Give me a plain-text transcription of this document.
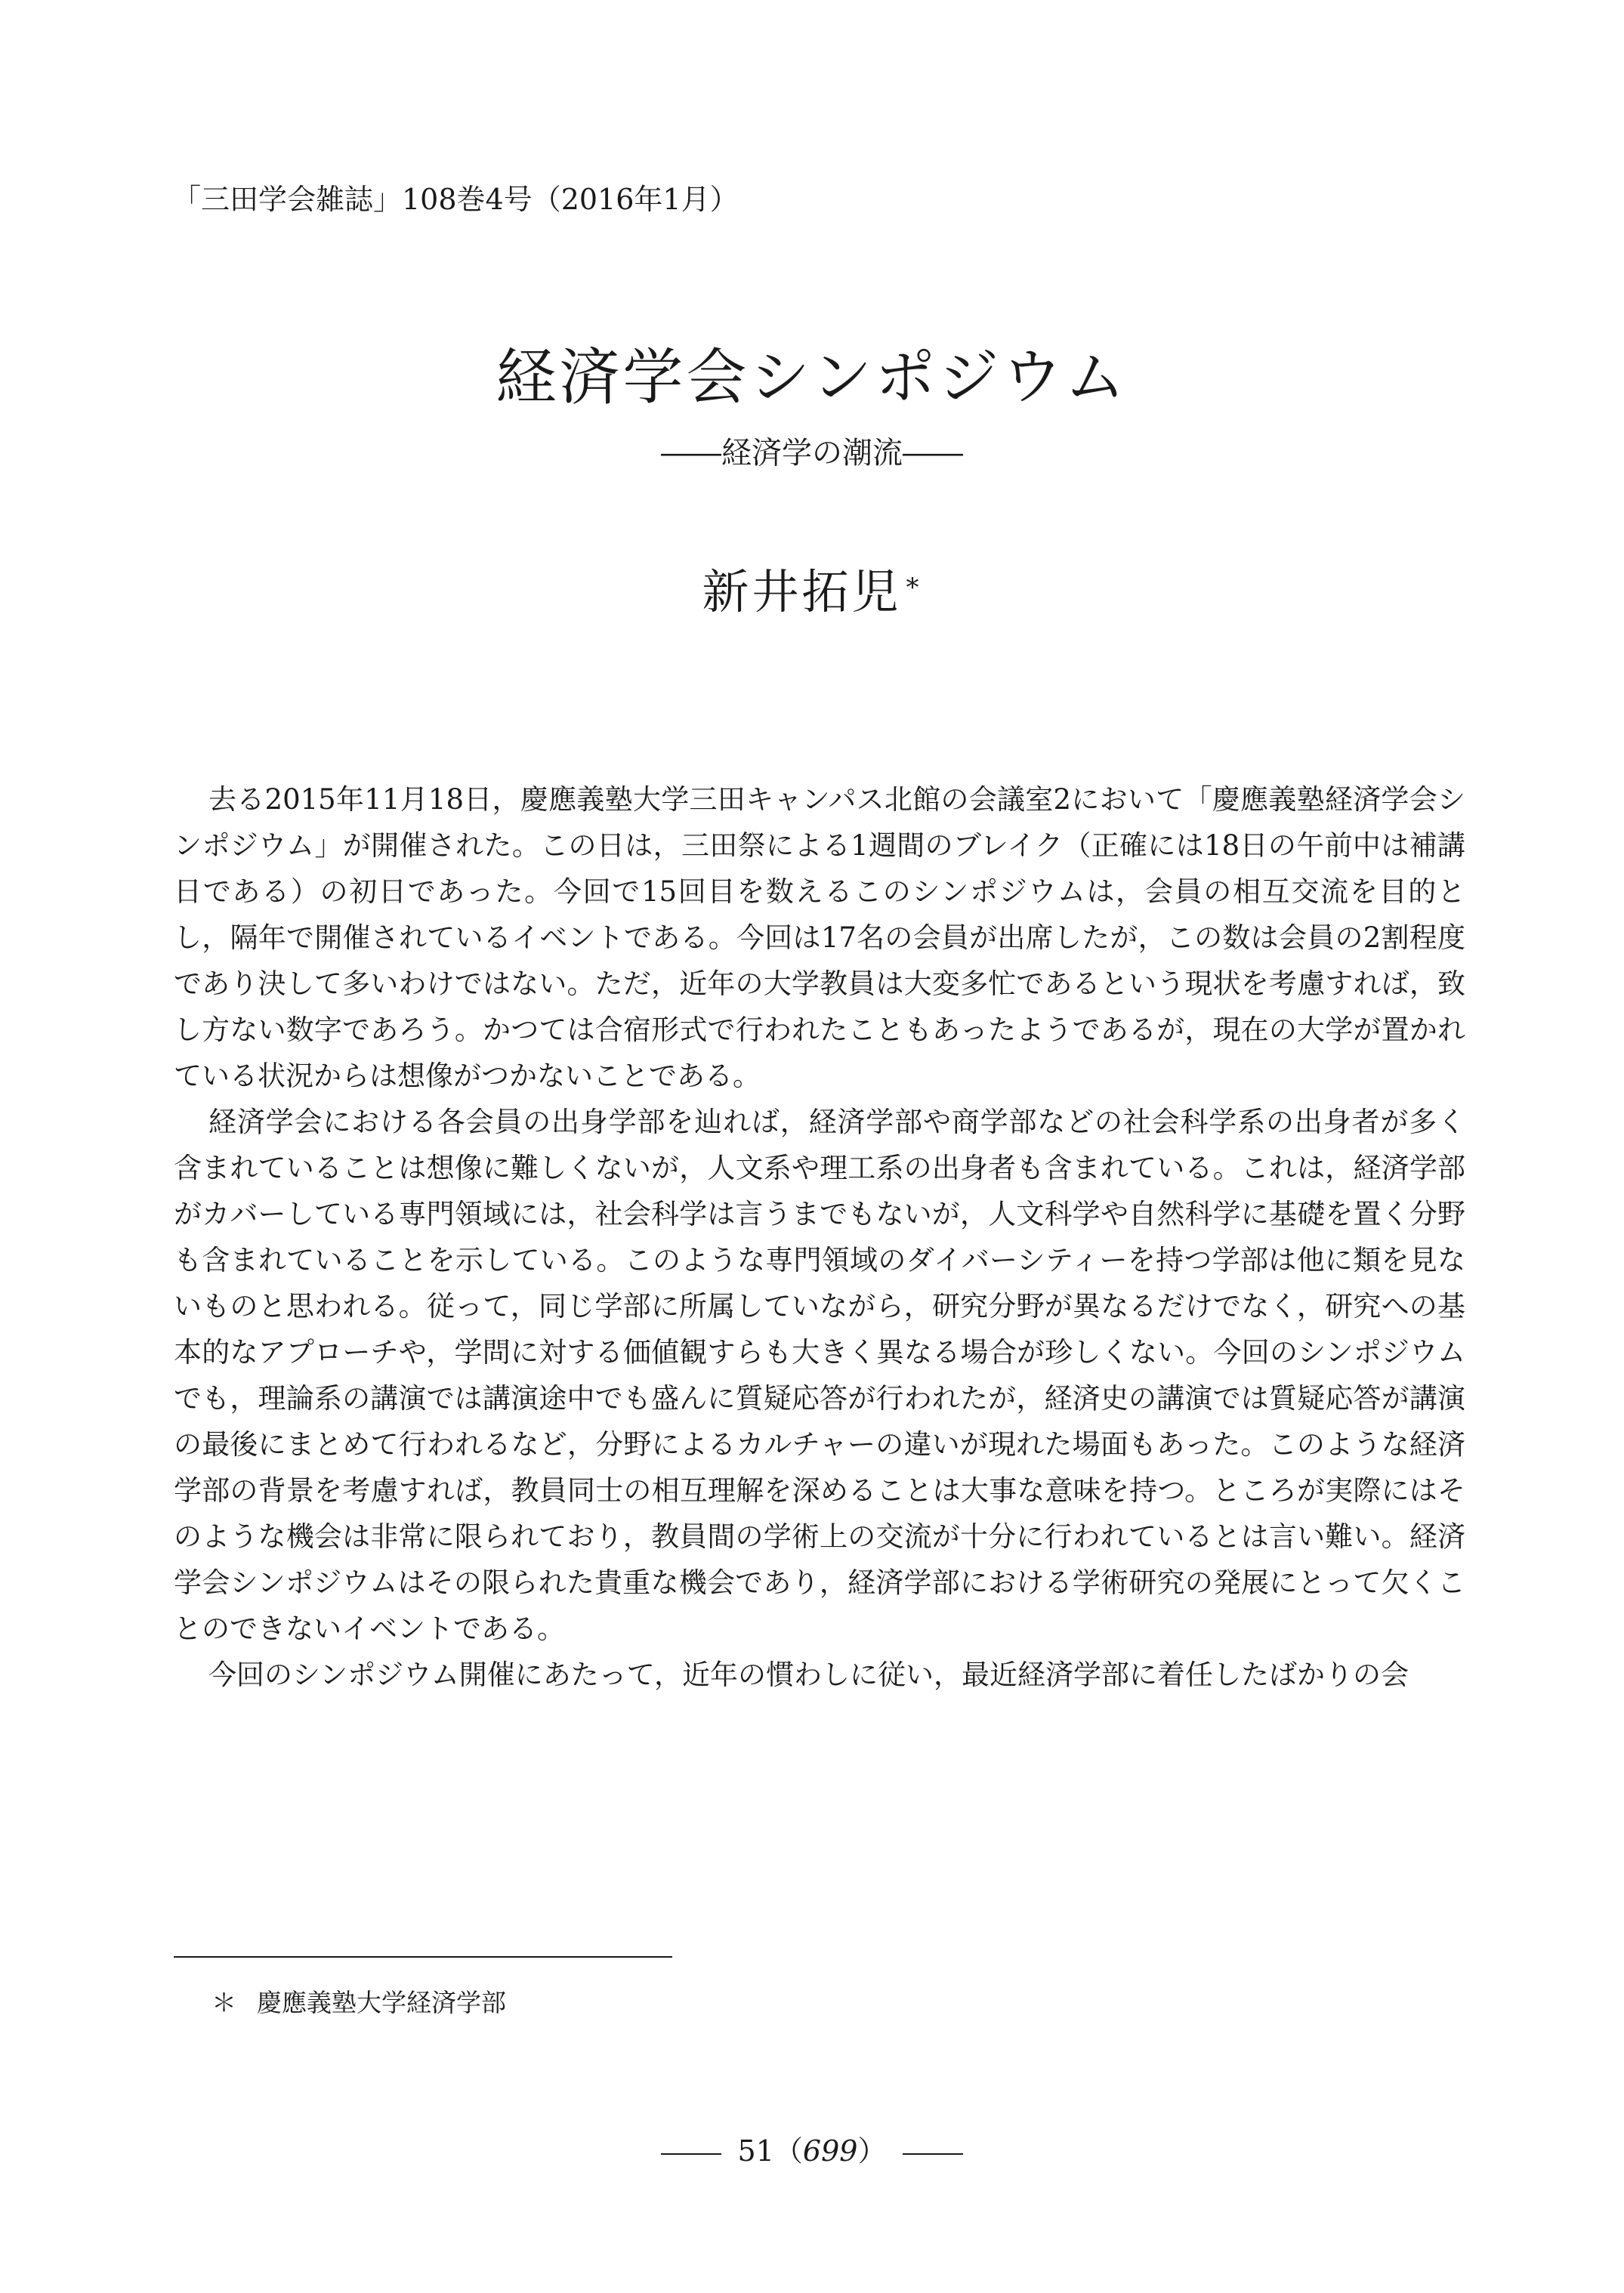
「三田学会雑誌」108巻4号（2016年1月）
経済学会シンポジウム
――経済学の潮流――
新井拓児 *

去る2015年11月18日，慶應義塾大学三田キャンパス北館の会議室2において「慶應義塾経済学会シンポジウム」が開催された。この日は，三田祭による1週間のブレイク（正確には18日の午前中は補講日である）の初日であった。今回で15回目を数えるこのシンポジウムは，会員の相互交流を目的とし，隔年で開催されているイベントである。今回は17名の会員が出席したが，この数は会員の2割程度であり決して多いわけではない。ただ，近年の大学教員は大変多忙であるという現状を考慮すれば，致し方ない数字であろう。かつては合宿形式で行われたこともあったようであるが，現在の大学が置かれている状況からは想像がつかないことである。

経済学会における各会員の出身学部を辿れば，経済学部や商学部などの社会科学系の出身者が多く含まれていることは想像に難しくないが，人文系や理工系の出身者も含まれている。これは，経済学部がカバーしている専門領域には，社会科学は言うまでもないが，人文科学や自然科学に基礎を置く分野も含まれていることを示している。このような専門領域のダイバーシティーを持つ学部は他に類を見ないものと思われる。従って，同じ学部に所属していながら，研究分野が異なるだけでなく，研究への基本的なアプローチや，学問に対する価値観すらも大きく異なる場合が珍しくない。今回のシンポジウムでも，理論系の講演では講演途中でも盛んに質疑応答が行われたが，経済史の講演では質疑応答が講演の最後にまとめて行われるなど，分野によるカルチャーの違いが現れた場面もあった。このような経済学部の背景を考慮すれば，教員同士の相互理解を深めることは大事な意味を持つ。ところが実際にはそのような機会は非常に限られており，教員間の学術上の交流が十分に行われているとは言い難い。経済学会シンポジウムはその限られた貴重な機会であり，経済学部における学術研究の発展にとって欠くことのできないイベントである。

今回のシンポジウム開催にあたって，近年の慣わしに従い，最近経済学部に着任したばかりの会

＊ 慶應義塾大学経済学部
51（699）
